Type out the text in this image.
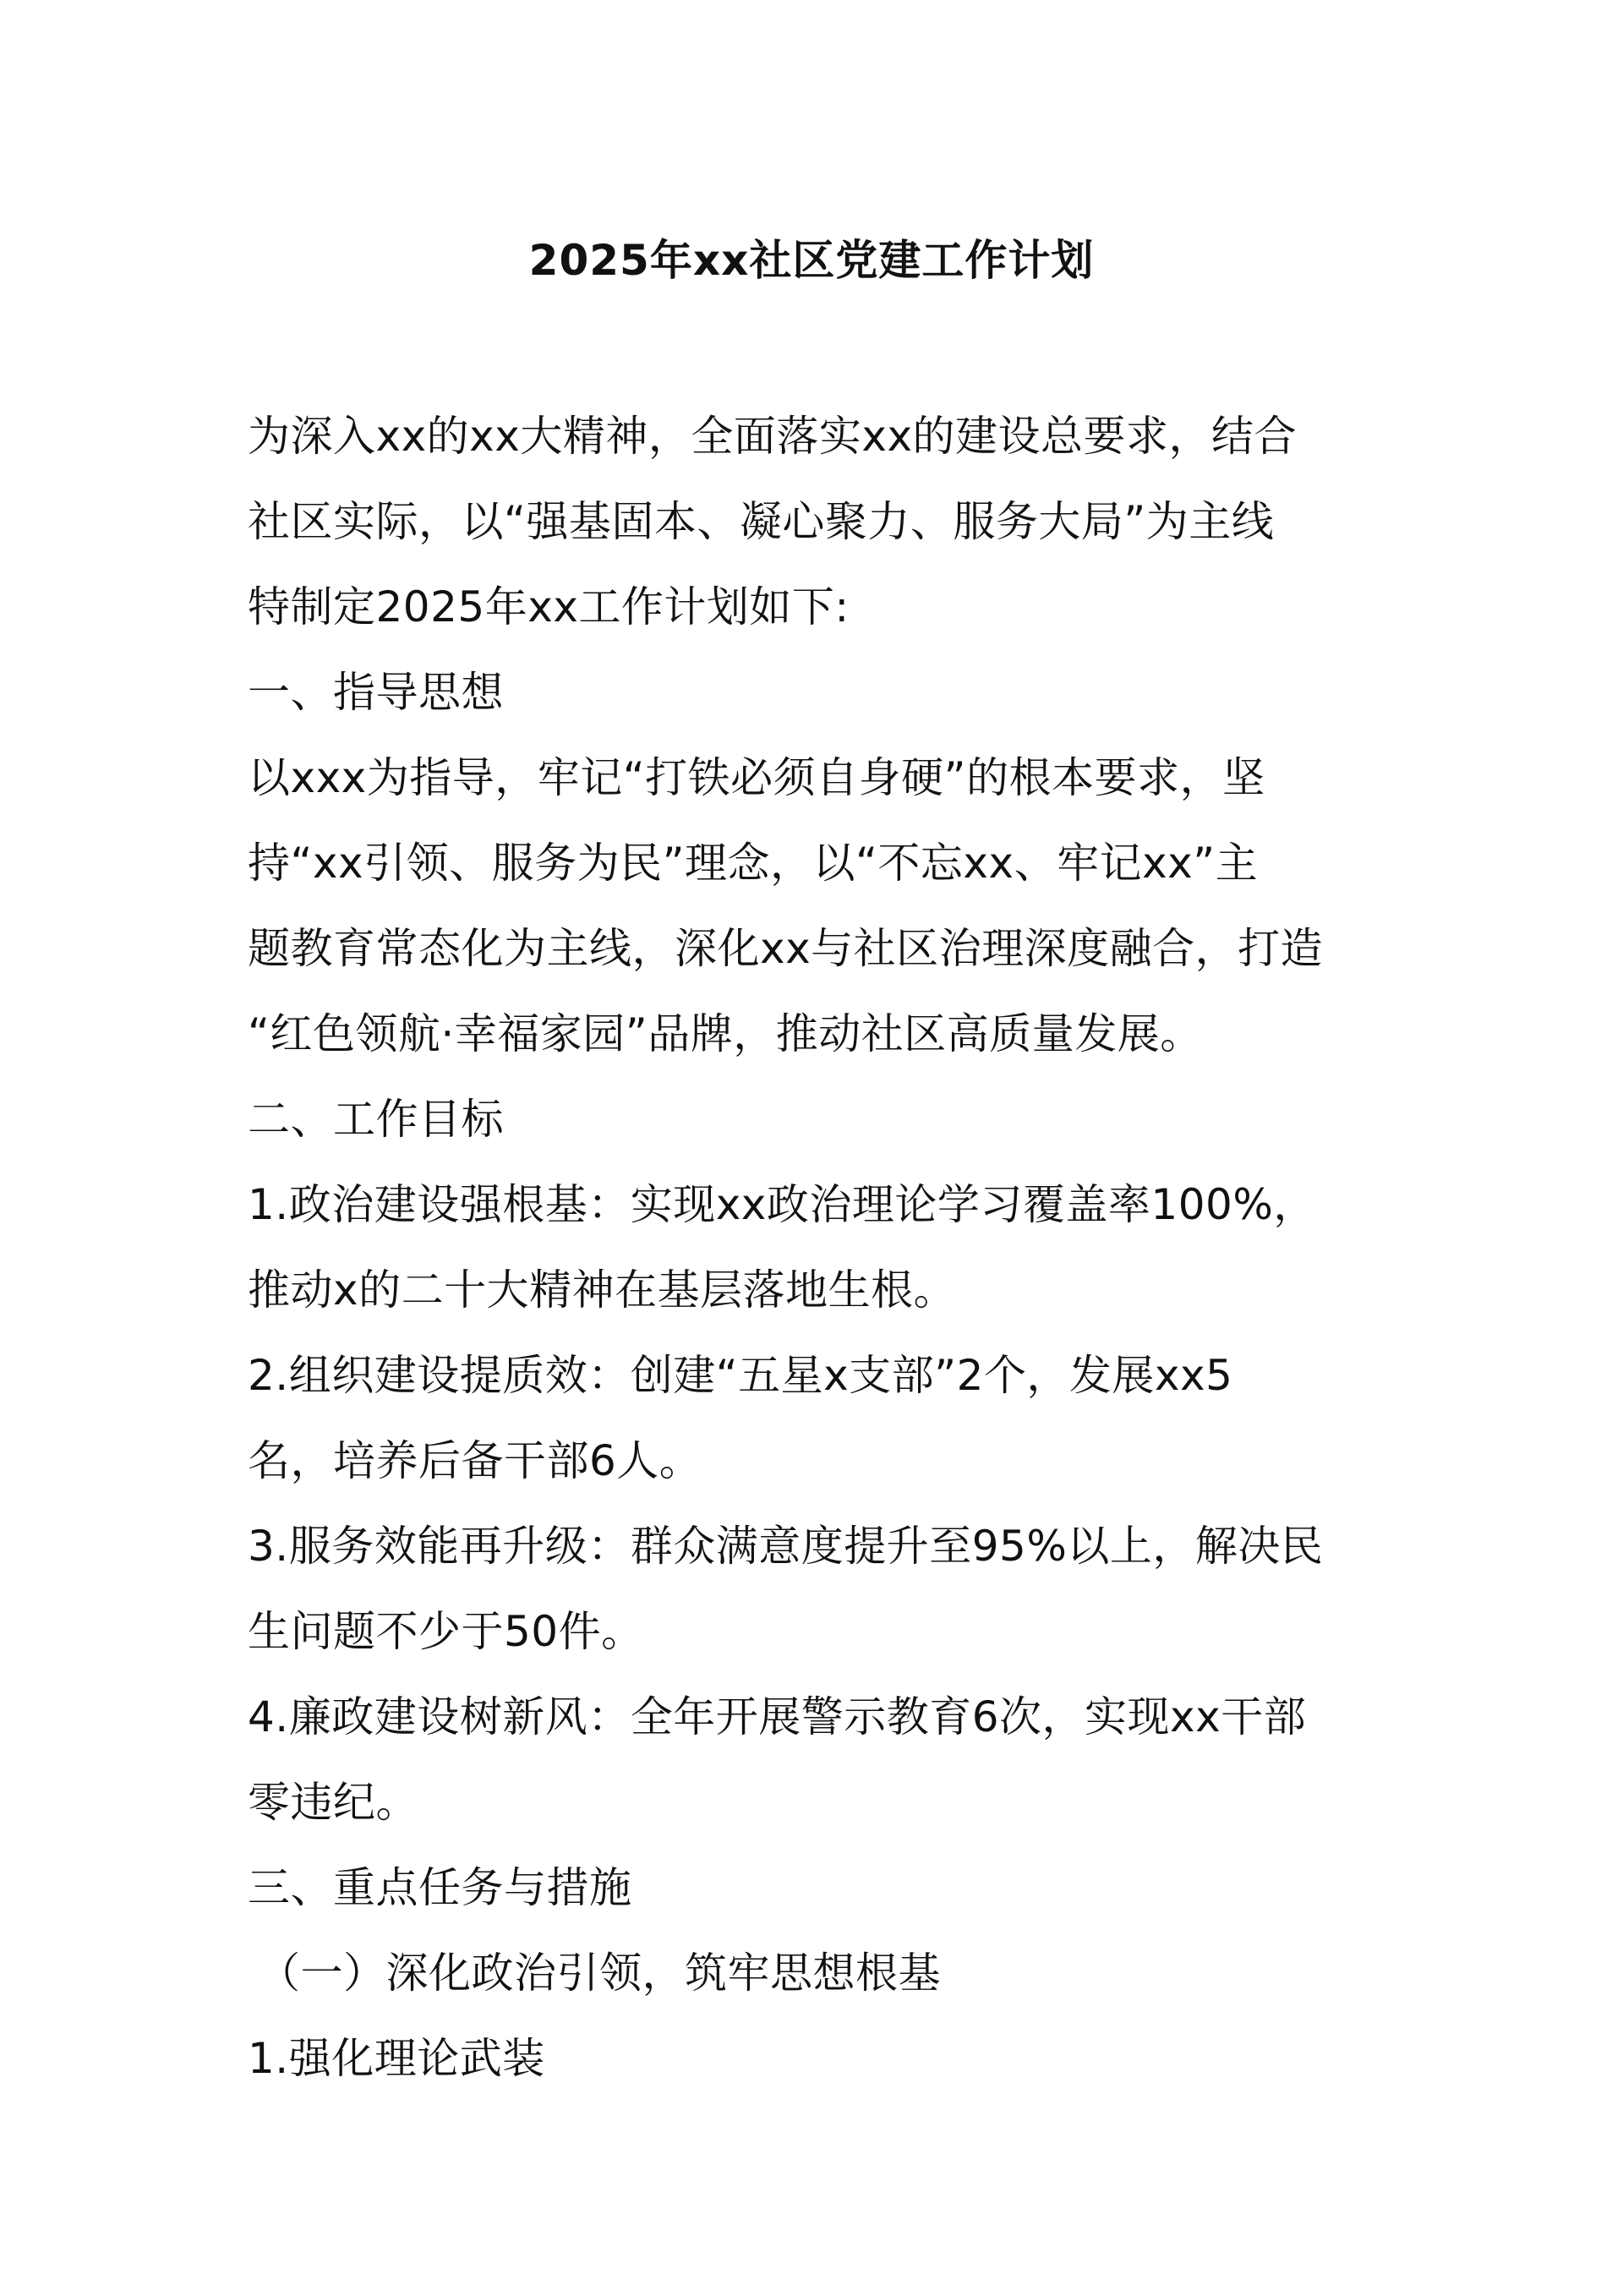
2025年xx社区党建工作计划
为深入xx的xx大精神，全面落实xx的建设总要求，结合
社区实际，以“强基固本、凝心聚力、服务大局”为主线
特制定2025年xx工作计划如下:
一、指导思想
以xxx为指导，牢记“打铁必须自身硬”的根本要求，坚
持“xx引领、服务为民”理念，以“不忘xx、牢记xx”主
题教育常态化为主线，深化xx与社区治理深度融合，打造
“红色领航·幸福家园”品牌，推动社区高质量发展。
二、工作目标
1.政治建设强根基：实现xx政治理论学习覆盖率100%，
推动x的二十大精神在基层落地生根。
2.组织建设提质效：创建“五星x支部”2个，发展xx5
名，培养后备干部6人。
3.服务效能再升级：群众满意度提升至95%以上，解决民
生问题不少于50件。
4.廉政建设树新风：全年开展警示教育6次，实现xx干部
零违纪。
三、重点任务与措施
（一）深化政治引领，筑牢思想根基
1.强化理论武装
